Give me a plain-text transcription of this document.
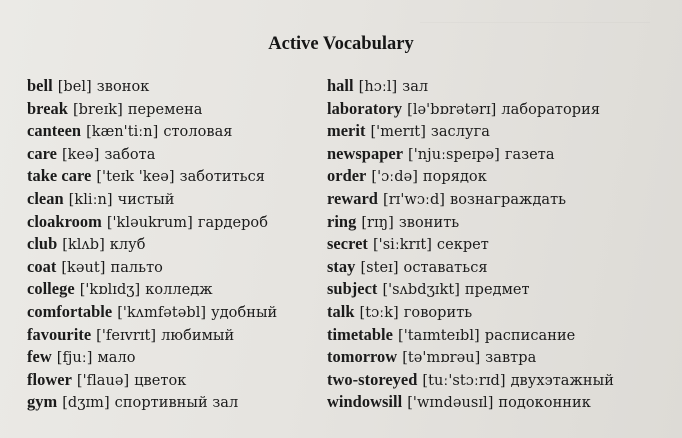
Active Vocabulary
bell [bel] звонок
break [breɪk] перемена
canteen [kæn'tiːn] столовая
care [keə] забота
take care ['teɪk 'keə] заботиться
clean [kliːn] чистый
cloakroom ['kləukrum] гардероб
club [klʌb] клуб
coat [kəut] пальто
college ['kɒlɪdʒ] колледж
comfortable ['kʌmfətəbl] удобный
favourite ['feɪvrɪt] любимый
few [fjuː] мало
flower ['flauə] цветок
gym [dʒɪm] спортивный зал
hall [hɔːl] зал
laboratory [lə'bɒrətərɪ] лаборатория
merit ['merɪt] заслуга
newspaper ['njuːspeɪpə] газета
order ['ɔːdə] порядок
reward [rɪ'wɔːd] вознаграждать
ring [rɪŋ] звонить
secret ['siːkrɪt] секрет
stay [steɪ] оставаться
subject ['sʌbdʒɪkt] предмет
talk [tɔːk] говорить
timetable ['taɪmteɪbl] расписание
tomorrow [tə'mɒrəu] завтра
two-storeyed [tuː'stɔːrɪd] двухэтажный
windowsill ['wɪndəusɪl] подоконник
